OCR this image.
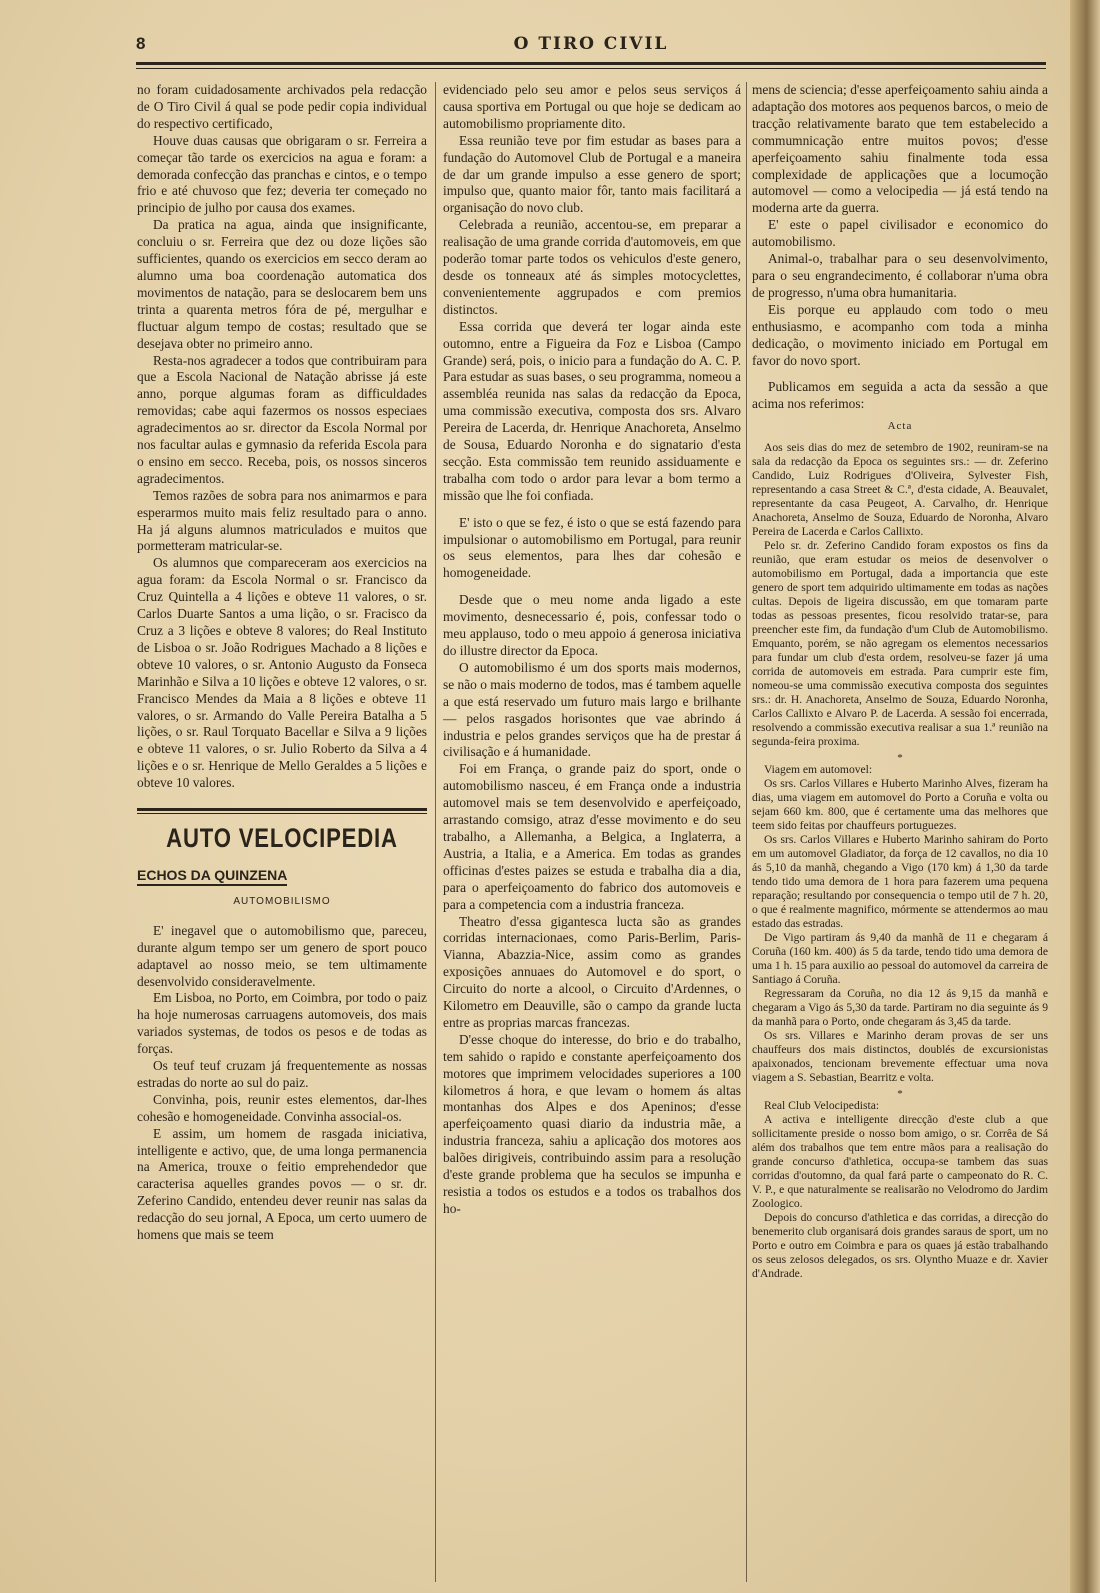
8	O TIRO CIVIL

no foram cuidadosamente archivados pela redacção de O Tiro Civil á qual se pode pedir copia individual do respectivo certificado,

Houve duas causas que obrigaram o sr. Ferreira a começar tão tarde os exercicios na agua e foram: a demorada confecção das pranchas e cintos, e o tempo frio e até chuvoso que fez; deveria ter começado no principio de julho por causa dos exames.

Da pratica na agua, ainda que insignificante, concluiu o sr. Ferreira que dez ou doze lições são sufficientes, quando os exercicios em secco deram ao alumno uma boa coordenação automatica dos movimentos de natação, para se deslocarem bem uns trinta a quarenta metros fóra de pé, mergulhar e fluctuar algum tempo de costas; resultado que se desejava obter no primeiro anno.

Resta-nos agradecer a todos que contribuiram para que a Escola Nacional de Natação abrisse já este anno, porque algumas foram as difficuldades removidas; cabe aqui fazermos os nossos especiaes agradecimentos ao sr. director da Escola Normal por nos facultar aulas e gymnasio da referida Escola para o ensino em secco. Receba, pois, os nossos sinceros agradecimentos.

Temos razões de sobra para nos animarmos e para esperarmos muito mais feliz resultado para o anno. Ha já alguns alumnos matriculados e muitos que pormetteram matricular-se.

Os alumnos que compareceram aos exercicios na agua foram: da Escola Normal o sr. Francisco da Cruz Quintella a 4 lições e obteve 11 valores, o sr. Carlos Duarte Santos a uma lição, o sr. Fracisco da Cruz a 3 lições e obteve 8 valores; do Real Instituto de Lisboa o sr. João Rodrigues Machado a 8 lições e obteve 10 valores, o sr. Antonio Augusto da Fonseca Marinhão e Silva a 10 lições e obteve 12 valores, o sr. Francisco Mendes da Maia a 8 lições e obteve 11 valores, o sr. Armando do Valle Pereira Batalha a 5 lições, o sr. Raul Torquato Bacellar e Silva a 9 lições e obteve 11 valores, o sr. Julio Roberto da Silva a 4 lições e o sr. Henrique de Mello Geraldes a 5 lições e obteve 10 valores.

AUTO VELOCIPEDIA
ECHOS DA QUINZENA
AUTOMOBILISMO

E' inegavel que o automobilismo que, pareceu, durante algum tempo ser um genero de sport pouco adaptavel ao nosso meio, se tem ultimamente desenvolvido consideravelmente.

Em Lisboa, no Porto, em Coimbra, por todo o paiz ha hoje numerosas carruagens automoveis, dos mais variados systemas, de todos os pesos e de todas as forças.

Os teuf teuf cruzam já frequentemente as nossas estradas do norte ao sul do paiz.

Convinha, pois, reunir estes elementos, dar-lhes cohesão e homogeneidade. Convinha associal-os.

E assim, um homem de rasgada iniciativa, intelligente e activo, que, de uma longa permanencia na America, trouxe o feitio emprehendedor que caracterisa aquelles grandes povos — o sr. dr. Zeferino Candido, entendeu dever reunir nas salas da redacção do seu jornal, A Epoca, um certo uumero de homens que mais se teem

evidenciado pelo seu amor e pelos seus serviços á causa sportiva em Portugal ou que hoje se dedicam ao automobilismo propriamente dito.

Essa reunião teve por fim estudar as bases para a fundação do Automovel Club de Portugal e a maneira de dar um grande impulso a esse genero de sport; impulso que, quanto maior fôr, tanto mais facilitará a organisação do novo club.

Celebrada a reunião, accentou-se, em preparar a realisação de uma grande corrida d'automoveis, em que poderão tomar parte todos os vehiculos d'este genero, desde os tonneaux até ás simples motocyclettes, convenientemente aggrupados e com premios distinctos.

Essa corrida que deverá ter logar ainda este outomno, entre a Figueira da Foz e Lisboa (Campo Grande) será, pois, o inicio para a fundação do A. C. P. Para estudar as suas bases, o seu programma, nomeou a assembléa reunida nas salas da redacção da Epoca, uma commissão executiva, composta dos srs. Alvaro Pereira de Lacerda, dr. Henrique Anachoreta, Anselmo de Sousa, Eduardo Noronha e do signatario d'esta secção. Esta commissão tem reunido assiduamente e trabalha com todo o ardor para levar a bom termo a missão que lhe foi confiada.

E' isto o que se fez, é isto o que se está fazendo para impulsionar o automobilismo em Portugal, para reunir os seus elementos, para lhes dar cohesão e homogeneidade.

Desde que o meu nome anda ligado a este movimento, desnecessario é, pois, confessar todo o meu applauso, todo o meu appoio á generosa iniciativa do illustre director da Epoca.

O automobilismo é um dos sports mais modernos, se não o mais moderno de todos, mas é tambem aquelle a que está reservado um futuro mais largo e brilhante — pelos rasgados horisontes que vae abrindo á industria e pelos grandes serviços que ha de prestar á civilisação e á humanidade.

Foi em França, o grande paiz do sport, onde o automobilismo nasceu, é em França onde a industria automovel mais se tem desenvolvido e aperfeiçoado, arrastando comsigo, atraz d'esse movimento e do seu trabalho, a Allemanha, a Belgica, a Inglaterra, a Austria, a Italia, e a America. Em todas as grandes officinas d'estes paizes se estuda e trabalha dia a dia, para o aperfeiçoamento do fabrico dos automoveis e para a competencia com a industria franceza.

Theatro d'essa gigantesca lucta são as grandes corridas internacionaes, como Paris-Berlim, Paris-Vianna, Abazzia-Nice, assim como as grandes exposições annuaes do Automovel e do sport, o Circuito do norte a alcool, o Circuito d'Ardennes, o Kilometro em Deauville, são o campo da grande lucta entre as proprias marcas francezas.

D'esse choque do interesse, do brio e do trabalho, tem sahido o rapido e constante aperfeiçoamento dos motores que imprimem velocidades superiores a 100 kilometros á hora, e que levam o homem ás altas montanhas dos Alpes e dos Apeninos; d'esse aperfeiçoamento quasi diario da industria mãe, a industria franceza, sahiu a aplicação dos motores aos balões dirigiveis, contribuindo assim para a resolução d'este grande problema que ha seculos se impunha e resistia a todos os estudos e a todos os trabalhos dos ho-

mens de sciencia; d'esse aperfeiçoamento sahiu ainda a adaptação dos motores aos pequenos barcos, o meio de tracção relativamente barato que tem estabelecido a commumnicação entre muitos povos; d'esse aperfeiçoamento sahiu finalmente toda essa complexidade de applicações que a locumoção automovel — como a velocipedia — já está tendo na moderna arte da guerra.

E' este o papel civilisador e economico do automobilismo.

Animal-o, trabalhar para o seu desenvolvimento, para o seu engrandecimento, é collaborar n'uma obra de progresso, n'uma obra humanitaria.

Eis porque eu applaudo com todo o meu enthusiasmo, e acompanho com toda a minha dedicação, o movimento iniciado em Portugal em favor do novo sport.

Publicamos em seguida a acta da sessão a que acima nos referimos:

Acta

Aos seis dias do mez de setembro de 1902, reuniram-se na sala da redacção da Epoca os seguintes srs.: — dr. Zeferino Candido, Luiz Rodrigues d'Oliveira, Sylvester Fish, representando a casa Street & C.ª, d'esta cidade, A. Beauvalet, representante da casa Peugeot, A. Carvalho, dr. Henrique Anachoreta, Anselmo de Souza, Eduardo de Noronha, Alvaro Pereira de Lacerda e Carlos Callixto.

Pelo sr. dr. Zeferino Candido foram expostos os fins da reunião, que eram estudar os meios de desenvolver o automobilismo em Portugal, dada a importancia que este genero de sport tem adquirido ultimamente em todas as nações cultas. Depois de ligeira discussão, em que tomaram parte todas as pessoas presentes, ficou resolvido tratar-se, para preencher este fim, da fundação d'um Club de Automobilismo. Emquanto, porém, se não agregam os elementos necessarios para fundar um club d'esta ordem, resolveu-se fazer já uma corrida de automoveis em estrada. Para cumprir este fim, nomeou-se uma commissão executiva composta dos seguintes srs.: dr. H. Anachoreta, Anselmo de Souza, Eduardo Noronha, Carlos Callixto e Alvaro P. de Lacerda. A sessão foi encerrada, resolvendo a commissão executiva realisar a sua 1.ª reunião na segunda-feira proxima.

*

Viagem em automovel:

Os srs. Carlos Villares e Huberto Marinho Alves, fizeram ha dias, uma viagem em automovel do Porto a Coruña e volta ou sejam 660 km. 800, que é certamente uma das melhores que teem sido feitas por chauffeurs portuguezes.

Os srs. Carlos Villares e Huberto Marinho sahiram do Porto em um automovel Gladiator, da força de 12 cavallos, no dia 10 ás 5,10 da manhã, chegando a Vigo (170 km) á 1,30 da tarde tendo tido uma demora de 1 hora para fazerem uma pequena reparação; resultando por consequencia o tempo util de 7 h. 20, o que é realmente magnifico, mórmente se attendermos ao mau estado das estradas.

De Vigo partiram ás 9,40 da manhã de 11 e chegaram á Coruña (160 km. 400) ás 5 da tarde, tendo tido uma demora de uma 1 h. 15 para auxilio ao pessoal do automovel da carreira de Santiago á Coruña.

Regressaram da Coruña, no dia 12 ás 9,15 da manhã e chegaram a Vigo ás 5,30 da tarde. Partiram no dia seguinte ás 9 da manhã para o Porto, onde chegaram ás 3,45 da tarde.

Os srs. Villares e Marinho deram provas de ser uns chauffeurs dos mais distinctos, doublés de excursionistas apaixonados, tencionam brevemente effectuar uma nova viagem a S. Sebastian, Bearritz e volta.

*

Real Club Velocipedista:

A activa e intelligente direcção d'este club a que sollicitamente preside o nosso bom amigo, o sr. Corrêa de Sá além dos trabalhos que tem entre mãos para a realisação do grande concurso d'athletica, occupa-se tambem das suas corridas d'outomno, da qual fará parte o campeonato do R. C. V. P., e que naturalmente se realisarão no Velodromo do Jardim Zoologico.

Depois do concurso d'athletica e das corridas, a direcção do benemerito club organisará dois grandes saraus de sport, um no Porto e outro em Coimbra e para os quaes já estão trabalhando os seus zelosos delegados, os srs. Olyntho Muaze e dr. Xavier d'Andrade.
